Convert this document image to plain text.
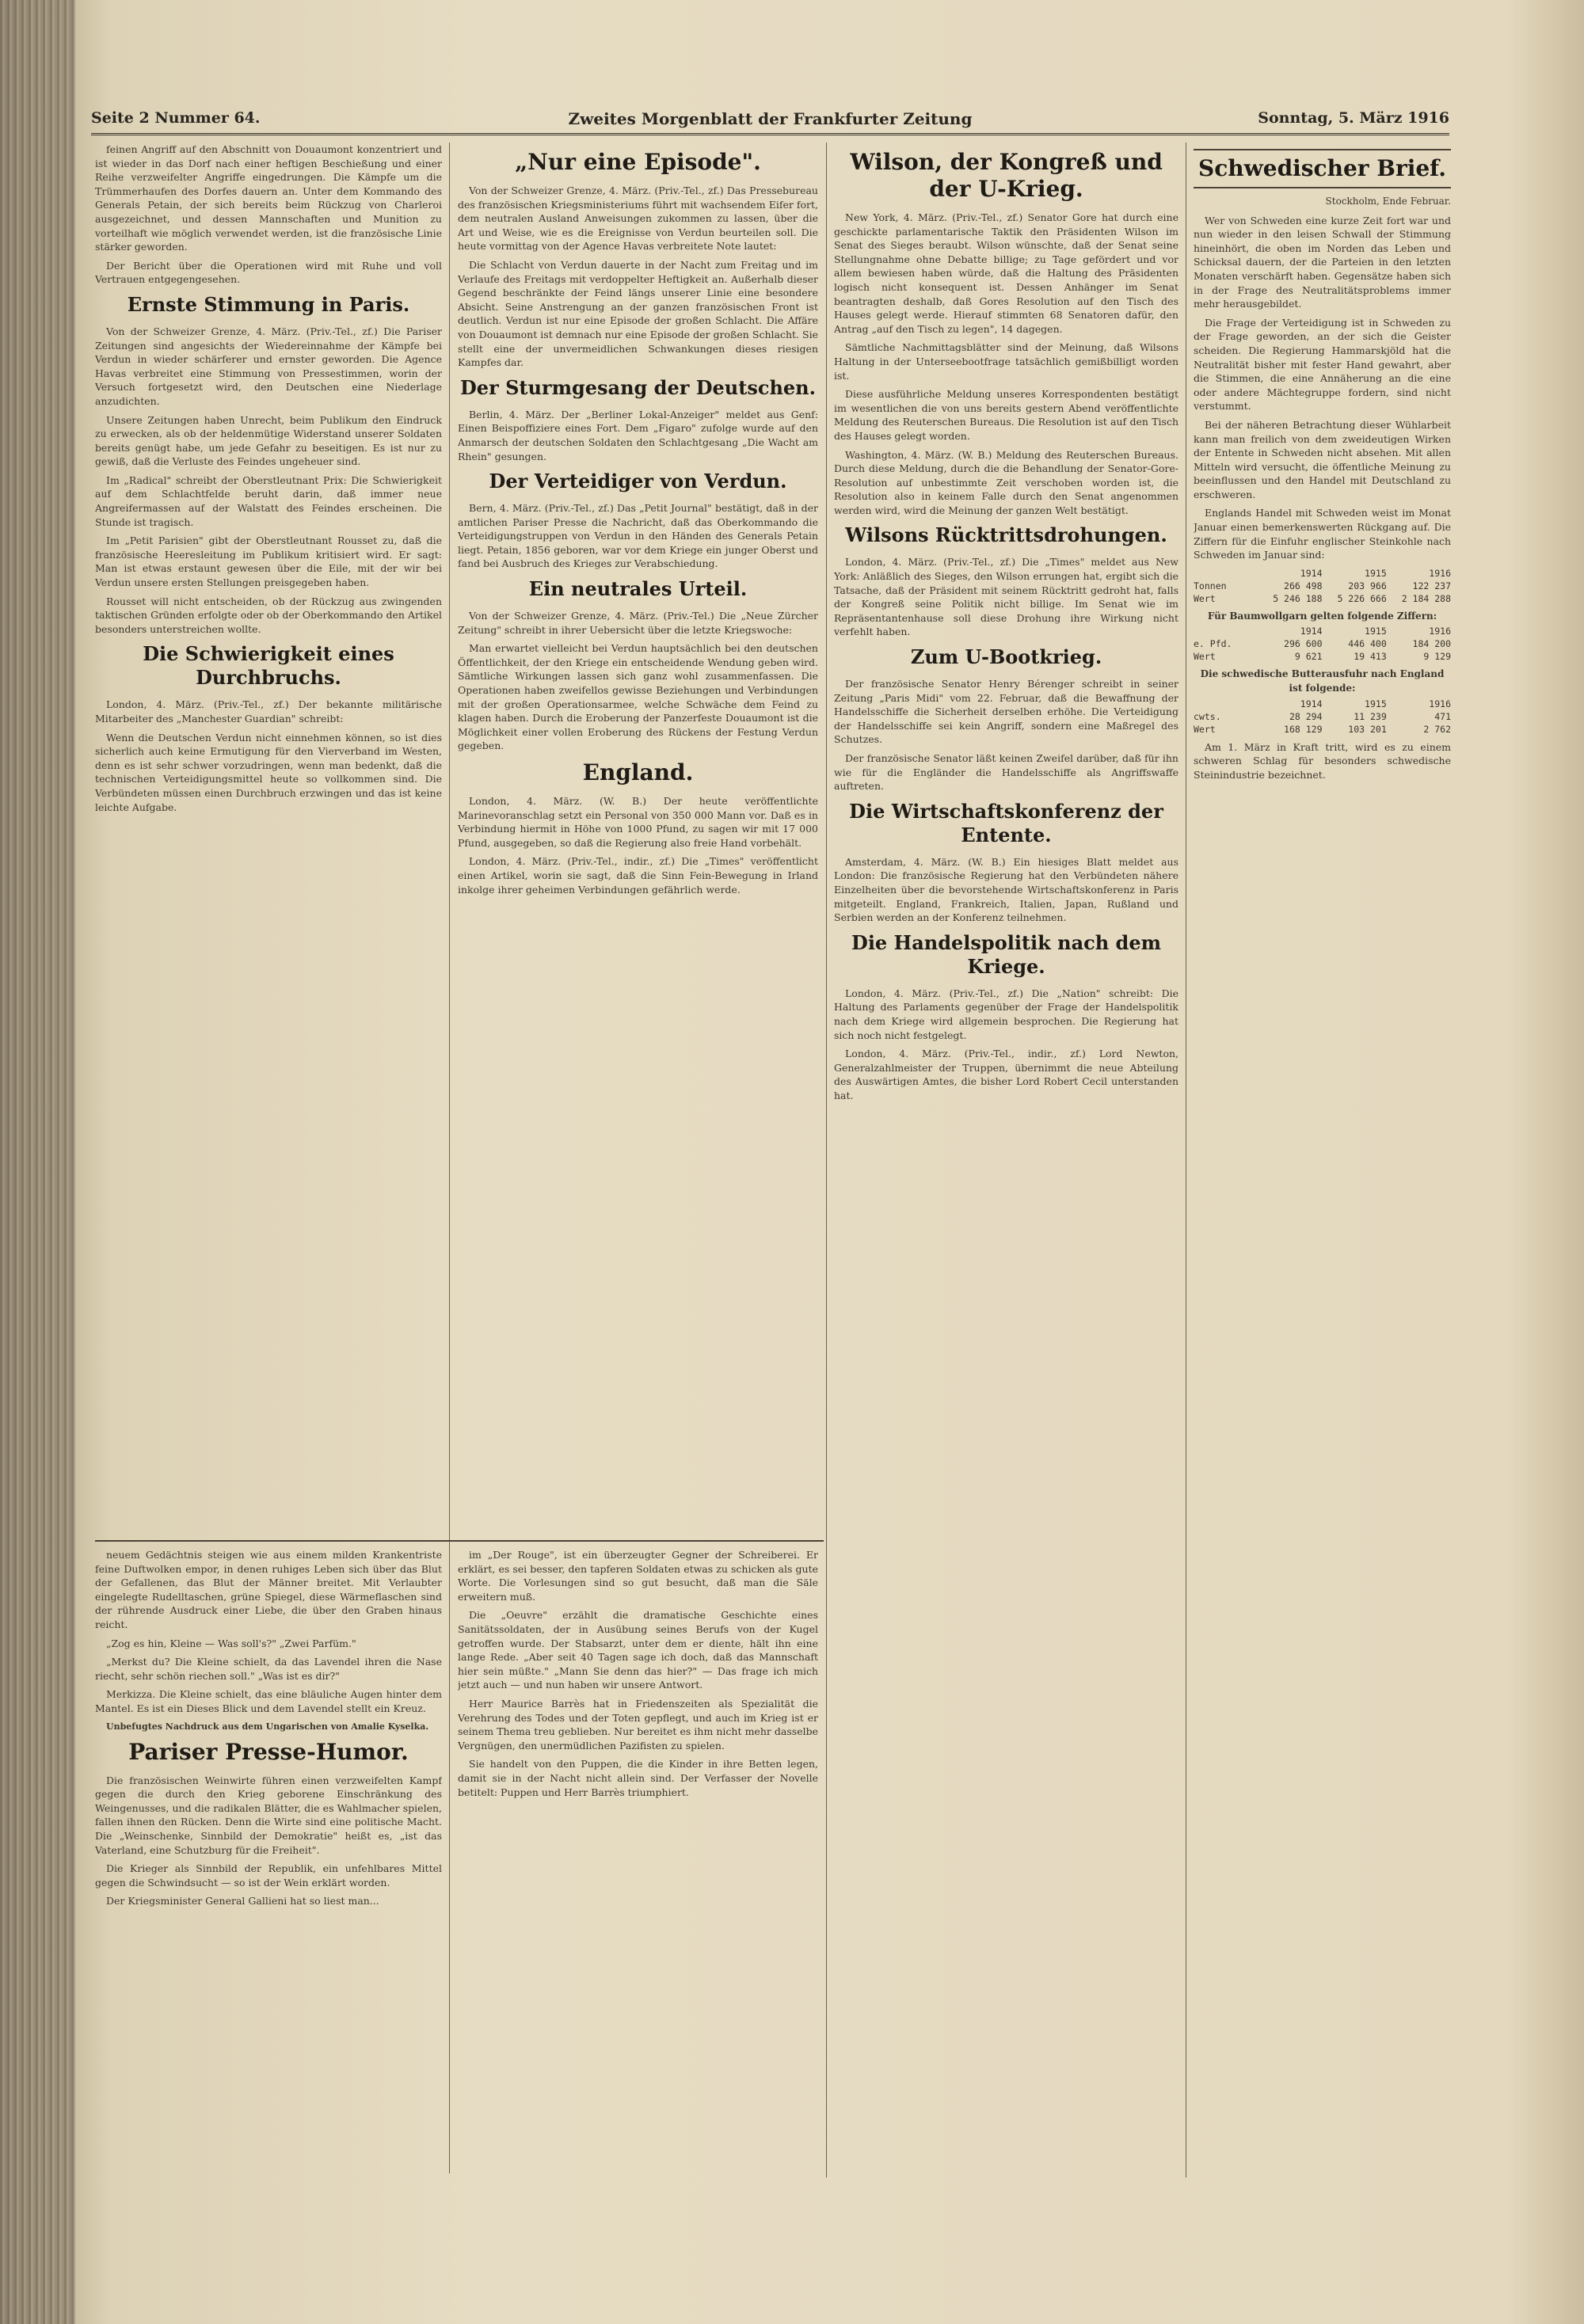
Seite 2 Nummer 64.	Zweites Morgenblatt der Frankfurter Zeitung	Sonntag, 5. März 1916

feinen Angriff auf den Abschnitt von Douaumont konzentriert und ist wieder in das Dorf nach einer heftigen Beschießung und einer Reihe verzweifelter Angriffe eingedrungen. Die Kämpfe um die Trümmerhaufen des Dorfes dauern an. Unter dem Kommando des Generals Petain, der sich bereits beim Rückzug von Charleroi ausgezeichnet, und dessen Mannschaften und Munition zu vorteilhaft wie möglich verwendet werden, ist die französische Linie stärker geworden.

Der Bericht über die Operationen wird mit Ruhe und voll Vertrauen entgegengesehen.

Ernste Stimmung in Paris.

Von der Schweizer Grenze, 4. März. (Priv.-Tel., zf.) Die Pariser Zeitungen sind angesichts der Wiedereinnahme der Kämpfe bei Verdun in wieder schärferer und ernster geworden. Die Agence Havas verbreitet eine Stimmung von Pressestimmen, worin der Versuch fortgesetzt wird, den Deutschen eine Niederlage anzudichten.

Unsere Zeitungen haben Unrecht, beim Publikum den Eindruck zu erwecken, als ob der heldenmütige Widerstand unserer Soldaten bereits genügt habe, um jede Gefahr zu beseitigen. Es ist nur zu gewiß, daß die Verluste des Feindes ungeheuer sind.

Im „Radical" schreibt der Oberstleutnant Prix: Die Schwierigkeit auf dem Schlachtfelde beruht darin, daß immer neue Angreifermassen auf der Walstatt des Feindes erscheinen. Die Stunde ist tragisch.

Im „Petit Parisien" gibt der Oberstleutnant Rousset zu, daß die französische Heeresleitung im Publikum kritisiert wird. Er sagt: Man ist etwas erstaunt gewesen über die Eile, mit der wir bei Verdun unsere ersten Stellungen preisgegeben haben.

Rousset will nicht entscheiden, ob der Rückzug aus zwingenden taktischen Gründen erfolgte oder ob der Oberkommando den Artikel besonders unterstreichen wollte.

Die Schwierigkeit eines Durchbruchs.

London, 4. März. (Priv.-Tel., zf.) Der bekannte militärische Mitarbeiter des „Manchester Guardian" schreibt:

Wenn die Deutschen Verdun nicht einnehmen können, so ist dies sicherlich auch keine Ermutigung für den Vierverband im Westen, denn es ist sehr schwer vorzudringen, wenn man bedenkt, daß die technischen Verteidigungsmittel heute so vollkommen sind. Die Verbündeten müssen einen Durchbruch erzwingen und das ist keine leichte Aufgabe.

„Nur eine Episode".

Von der Schweizer Grenze, 4. März. (Priv.-Tel., zf.) Das Pressebureau des französischen Kriegsministeriums führt mit wachsendem Eifer fort, dem neutralen Ausland Anweisungen zukommen zu lassen, über die Art und Weise, wie es die Ereignisse von Verdun beurteilen soll. Die heute vormittag von der Agence Havas verbreitete Note lautet:

Die Schlacht von Verdun dauerte in der Nacht zum Freitag und im Verlaufe des Freitags mit verdoppelter Heftigkeit an. Außerhalb dieser Gegend beschränkte der Feind längs unserer Linie eine besondere Absicht. Seine Anstrengung an der ganzen französischen Front ist deutlich. Verdun ist nur eine Episode der großen Schlacht. Die Affäre von Douaumont ist demnach nur eine Episode der großen Schlacht. Sie stellt eine der unvermeidlichen Schwankungen dieses riesigen Kampfes dar.

Der Sturmgesang der Deutschen.

Berlin, 4. März. Der „Berliner Lokal-Anzeiger" meldet aus Genf: Einen Beispoffiziere eines Fort. Dem „Figaro" zufolge wurde auf den Anmarsch der deutschen Soldaten den Schlachtgesang „Die Wacht am Rhein" gesungen.

Der Verteidiger von Verdun.

Bern, 4. März. (Priv.-Tel., zf.) Das „Petit Journal" bestätigt, daß in der amtlichen Pariser Presse die Nachricht, daß das Oberkommando die Verteidigungstruppen von Verdun in den Händen des Generals Petain liegt. Petain, 1856 geboren, war vor dem Kriege ein junger Oberst und fand bei Ausbruch des Krieges zur Verabschiedung.

Ein neutrales Urteil.

Von der Schweizer Grenze, 4. März. (Priv.-Tel.) Die „Neue Zürcher Zeitung" schreibt in ihrer Uebersicht über die letzte Kriegswoche:

Man erwartet vielleicht bei Verdun hauptsächlich bei den deutschen Öffentlichkeit, der den Kriege ein entscheidende Wendung geben wird. Sämtliche Wirkungen lassen sich ganz wohl zusammenfassen. Die Operationen haben zweifellos gewisse Beziehungen und Verbindungen mit der großen Operationsarmee, welche Schwäche dem Feind zu klagen haben. Durch die Eroberung der Panzerfeste Douaumont ist die Möglichkeit einer vollen Eroberung des Rückens der Festung Verdun gegeben.

England.

London, 4. März. (W. B.) Der heute veröffentlichte Marinevoranschlag setzt ein Personal von 350 000 Mann vor. Daß es in Verbindung hiermit in Höhe von 1000 Pfund, zu sagen wir mit 17 000 Pfund, ausgegeben, so daß die Regierung also freie Hand vorbehält.

London, 4. März. (Priv.-Tel., indir., zf.) Die „Times" veröffentlicht einen Artikel, worin sie sagt, daß die Sinn Fein-Bewegung in Irland inkolge ihrer geheimen Verbindungen gefährlich werde.

Wilson, der Kongreß und der U-Krieg.

New York, 4. März. (Priv.-Tel., zf.) Senator Gore hat durch eine geschickte parlamentarische Taktik den Präsidenten Wilson im Senat des Sieges beraubt. Wilson wünschte, daß der Senat seine Stellungnahme ohne Debatte billige; zu Tage gefördert und vor allem bewiesen haben würde, daß die Haltung des Präsidenten logisch nicht konsequent ist. Dessen Anhänger im Senat beantragten deshalb, daß Gores Resolution auf den Tisch des Hauses gelegt werde. Hierauf stimmten 68 Senatoren dafür, den Antrag „auf den Tisch zu legen", 14 dagegen.

Sämtliche Nachmittagsblätter sind der Meinung, daß Wilsons Haltung in der Unterseebootfrage tatsächlich gemißbilligt worden ist.

Diese ausführliche Meldung unseres Korrespondenten bestätigt im wesentlichen die von uns bereits gestern Abend veröffentlichte Meldung des Reuterschen Bureaus. Die Resolution ist auf den Tisch des Hauses gelegt worden.

Washington, 4. März. (W. B.) Meldung des Reuterschen Bureaus. Durch diese Meldung, durch die die Behandlung der Senator-Gore-Resolution auf unbestimmte Zeit verschoben worden ist, die Resolution also in keinem Falle durch den Senat angenommen werden wird, wird die Meinung der ganzen Welt bestätigt.

Wilsons Rücktrittsdrohungen.

London, 4. März. (Priv.-Tel., zf.) Die „Times" meldet aus New York: Anläßlich des Sieges, den Wilson errungen hat, ergibt sich die Tatsache, daß der Präsident mit seinem Rücktritt gedroht hat, falls der Kongreß seine Politik nicht billige. Im Senat wie im Repräsentantenhause soll diese Drohung ihre Wirkung nicht verfehlt haben.

Zum U-Bootkrieg.

Der französische Senator Henry Bérenger schreibt in seiner Zeitung „Paris Midi" vom 22. Februar, daß die Bewaffnung der Handelsschiffe die Sicherheit derselben erhöhe. Die Verteidigung der Handelsschiffe sei kein Angriff, sondern eine Maßregel des Schutzes.

Der französische Senator läßt keinen Zweifel darüber, daß für ihn wie für die Engländer die Handelsschiffe als Angriffswaffe auftreten.

Die Wirtschaftskonferenz der Entente.

Amsterdam, 4. März. (W. B.) Ein hiesiges Blatt meldet aus London: Die französische Regierung hat den Verbündeten nähere Einzelheiten über die bevorstehende Wirtschaftskonferenz in Paris mitgeteilt. England, Frankreich, Italien, Japan, Rußland und Serbien werden an der Konferenz teilnehmen.

Die Handelspolitik nach dem Kriege.

London, 4. März. (Priv.-Tel., zf.) Die „Nation" schreibt: Die Haltung des Parlaments gegenüber der Frage der Handelspolitik nach dem Kriege wird allgemein besprochen. Die Regierung hat sich noch nicht festgelegt.

London, 4. März. (Priv.-Tel., indir., zf.) Lord Newton, Generalzahlmeister der Truppen, übernimmt die neue Abteilung des Auswärtigen Amtes, die bisher Lord Robert Cecil unterstanden hat.

Schwedischer Brief.

Stockholm, Ende Februar.

Wer von Schweden eine kurze Zeit fort war und nun wieder in den leisen Schwall der Stimmung hineinhört, die oben im Norden das Leben und Schicksal dauern, der die Parteien in den letzten Monaten verschärft haben. Gegensätze haben sich in der Frage des Neutralitätsproblems immer mehr herausgebildet.

Die Frage der Verteidigung ist in Schweden zu der Frage geworden, an der sich die Geister scheiden. Die Regierung Hammarskjöld hat die Neutralität bisher mit fester Hand gewahrt, aber die Stimmen, die eine Annäherung an die eine oder andere Mächtegruppe fordern, sind nicht verstummt.

Bei der näheren Betrachtung dieser Wühlarbeit kann man freilich von dem zweideutigen Wirken der Entente in Schweden nicht absehen. Mit allen Mitteln wird versucht, die öffentliche Meinung zu beeinflussen und den Handel mit Deutschland zu erschweren.

Englands Handel mit Schweden weist im Monat Januar einen bemerkenswerten Rückgang auf. Die Ziffern für die Einfuhr englischer Steinkohle nach Schweden im Januar sind:

1914	1915	1916
Tonnen	266 498	203 966	122 237
Wert	5 246 188	5 226 666	2 184 288
Für Baumwollgarn gelten folgende Ziffern:
1914	1915	1916
e. Pfd.	296 600	446 400	184 200
Wert	9 621	19 413	9 129
Die schwedische Butterausfuhr nach England ist folgende:
1914	1915	1916
cwts.	28 294	11 239	471
Wert	168 129	103 201	2 762

Am 1. März in Kraft tritt, wird es zu einem schweren Schlag für besonders schwedische Steinindustrie bezeichnet.

neuem Gedächtnis steigen wie aus einem milden Krankentriste feine Duftwolken empor, in denen ruhiges Leben sich über das Blut der Gefallenen, das Blut der Männer breitet. Mit Verlaubter eingelegte Rudelltaschen, grüne Spiegel, diese Wärmeflaschen sind der rührende Ausdruck einer Liebe, die über den Graben hinaus reicht.

„Zog es hin, Kleine — Was soll's?" „Zwei Parfüm."

„Merkst du? Die Kleine schielt, da das Lavendel ihren die Nase riecht, sehr schön riechen soll." „Was ist es dir?"

Merkizza. Die Kleine schielt, das eine bläuliche Augen hinter dem Mantel. Es ist ein Dieses Blick und dem Lavendel stellt ein Kreuz.

Unbefugtes Nachdruck aus dem Ungarischen von Amalie Kyselka.

Pariser Presse-Humor.

Die französischen Weinwirte führen einen verzweifelten Kampf gegen die durch den Krieg geborene Einschränkung des Weingenusses, und die radikalen Blätter, die es Wahlmacher spielen, fallen ihnen den Rücken. Denn die Wirte sind eine politische Macht. Die „Weinschenke, Sinnbild der Demokratie" heißt es, „ist das Vaterland, eine Schutzburg für die Freiheit".

Die Krieger als Sinnbild der Republik, ein unfehlbares Mittel gegen die Schwindsucht — so ist der Wein erklärt worden.

Der Kriegsminister General Gallieni hat so liest man...

im „Der Rouge", ist ein überzeugter Gegner der Schreiberei. Er erklärt, es sei besser, den tapferen Soldaten etwas zu schicken als gute Worte. Die Vorlesungen sind so gut besucht, daß man die Säle erweitern muß.

Die „Oeuvre" erzählt die dramatische Geschichte eines Sanitätssoldaten, der in Ausübung seines Berufs von der Kugel getroffen wurde. Der Stabsarzt, unter dem er diente, hält ihn eine lange Rede. „Aber seit 40 Tagen sage ich doch, daß das Mannschaft hier sein müßte." „Mann Sie denn das hier?" — Das frage ich mich jetzt auch — und nun haben wir unsere Antwort.

Herr Maurice Barrès hat in Friedenszeiten als Spezialität die Verehrung des Todes und der Toten gepflegt, und auch im Krieg ist er seinem Thema treu geblieben. Nur bereitet es ihm nicht mehr dasselbe Vergnügen, den unermüdlichen Pazifisten zu spielen.

Sie handelt von den Puppen, die die Kinder in ihre Betten legen, damit sie in der Nacht nicht allein sind. Der Verfasser der Novelle betitelt: Puppen und Herr Barrès triumphiert.
